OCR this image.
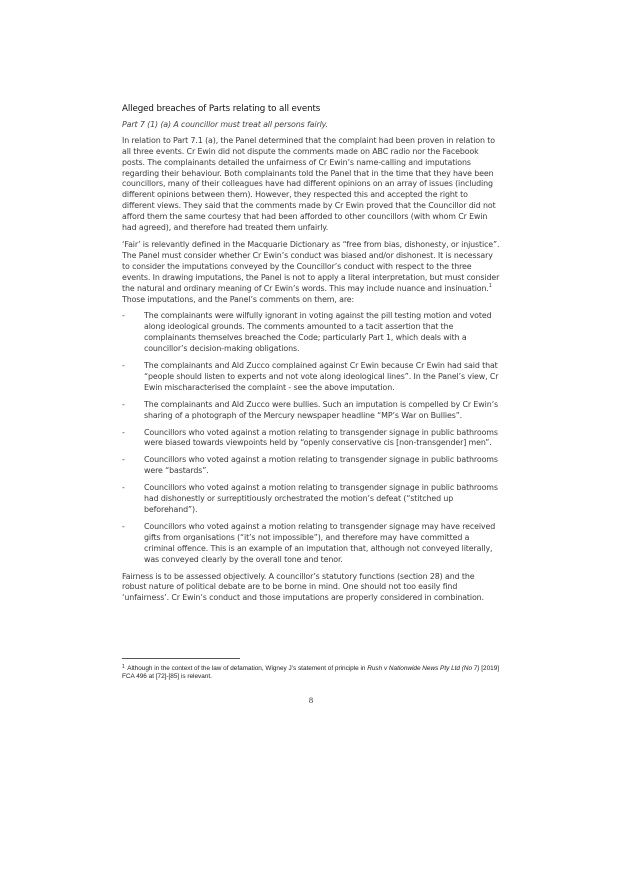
Alleged breaches of Parts relating to all events
Part 7 (1) (a) A councillor must treat all persons fairly.
In relation to Part 7.1 (a), the Panel determined that the complaint had been proven in relation to all three events. Cr Ewin did not dispute the comments made on ABC radio nor the Facebook posts. The complainants detailed the unfairness of Cr Ewin’s name-calling and imputations regarding their behaviour. Both complainants told the Panel that in the time that they have been councillors, many of their colleagues have had different opinions on an array of issues (including different opinions between them). However, they respected this and accepted the right to different views. They said that the comments made by Cr Ewin proved that the Councillor did not afford them the same courtesy that had been afforded to other councillors (with whom Cr Ewin had agreed), and therefore had treated them unfairly.
‘Fair’ is relevantly defined in the Macquarie Dictionary as “free from bias, dishonesty, or injustice”. The Panel must consider whether Cr Ewin’s conduct was biased and/or dishonest. It is necessary to consider the imputations conveyed by the Councillor’s conduct with respect to the three events. In drawing imputations, the Panel is not to apply a literal interpretation, but must consider the natural and ordinary meaning of Cr Ewin’s words. This may include nuance and insinuation.$^1$ Those imputations, and the Panel’s comments on them, are:
- The complainants were wilfully ignorant in voting against the pill testing motion and voted along ideological grounds. The comments amounted to a tacit assertion that the complainants themselves breached the Code; particularly Part 1, which deals with a councillor’s decision-making obligations.
- The complainants and Ald Zucco complained against Cr Ewin because Cr Ewin had said that “people should listen to experts and not vote along ideological lines”. In the Panel’s view, Cr Ewin mischaracterised the complaint - see the above imputation.
- The complainants and Ald Zucco were bullies. Such an imputation is compelled by Cr Ewin’s sharing of a photograph of the Mercury newspaper headline “MP’s War on Bullies”.
- Councillors who voted against a motion relating to transgender signage in public bathrooms were biased towards viewpoints held by “openly conservative cis [non-transgender] men”.
- Councillors who voted against a motion relating to transgender signage in public bathrooms were “bastards”.
- Councillors who voted against a motion relating to transgender signage in public bathrooms had dishonestly or surreptitiously orchestrated the motion’s defeat (“stitched up beforehand”).
- Councillors who voted against a motion relating to transgender signage may have received gifts from organisations (“it’s not impossible”), and therefore may have committed a criminal offence. This is an example of an imputation that, although not conveyed literally, was conveyed clearly by the overall tone and tenor.
Fairness is to be assessed objectively. A councillor’s statutory functions (section 28) and the robust nature of political debate are to be borne in mind. One should not too easily find ‘unfairness’. Cr Ewin’s conduct and those imputations are properly considered in combination.
$^1$ Although in the context of the law of defamation, Wigney J’s statement of principle in Rush v Nationwide News Pty Ltd (No 7) [2019] FCA 496 at [72]-[85] is relevant.
8
